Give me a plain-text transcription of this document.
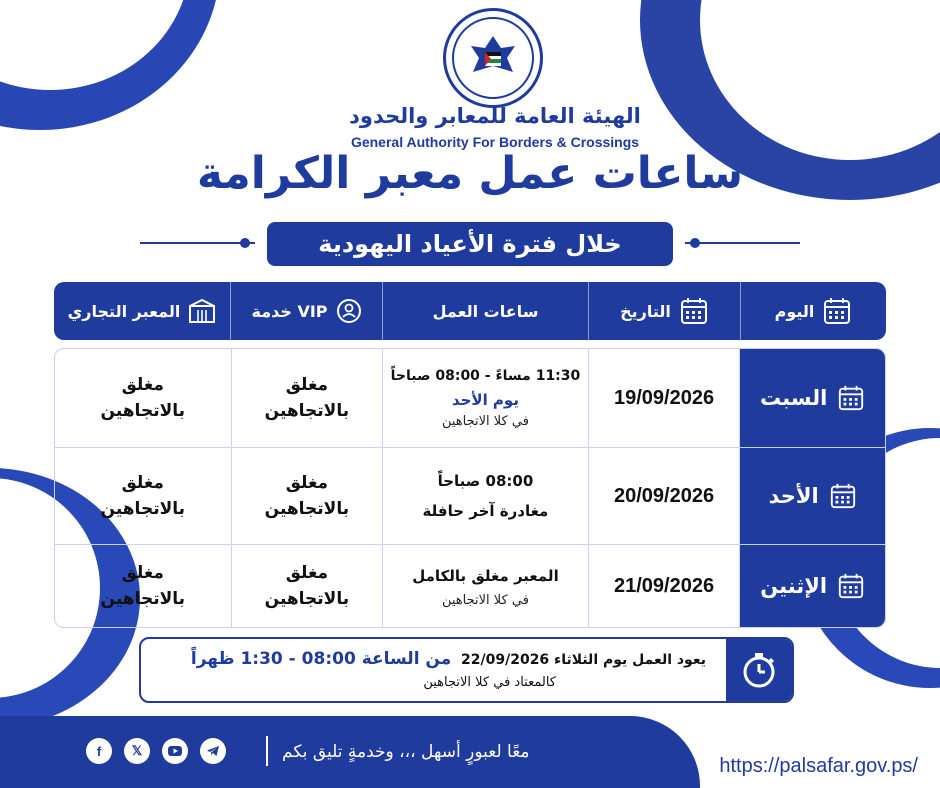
الهيئة العامة للمعابر والحدود
General Authority For Borders & Crossings
ساعات عمل معبر الكرامة
خلال فترة الأعياد اليهودية
اليوم
التاريخ
ساعات العمل
خدمة VIP
المعبر التجاري
السبت
19/09/2026
11:30 مساءً - 08:00 صباحاً
يوم الأحد
في كلا الاتجاهين
مغلق
بالاتجاهين
مغلق
بالاتجاهين
الأحد
20/09/2026
08:00 صباحاً
مغادرة آخر حافلة
مغلق
بالاتجاهين
مغلق
بالاتجاهين
الإثنين
21/09/2026
المعبر مغلق بالكامل
في كلا الاتجاهين
مغلق
بالاتجاهين
مغلق
بالاتجاهين
يعود العمل يوم الثلاثاء 22/09/2026  من الساعة 08:00 - 1:30 ظهراً
كالمعتاد في كلا الاتجاهين
f	𝕏	معًا لعبورٍ أسهل ،،، وخدمةٍ تليق بكم
https://palsafar.gov.ps/
